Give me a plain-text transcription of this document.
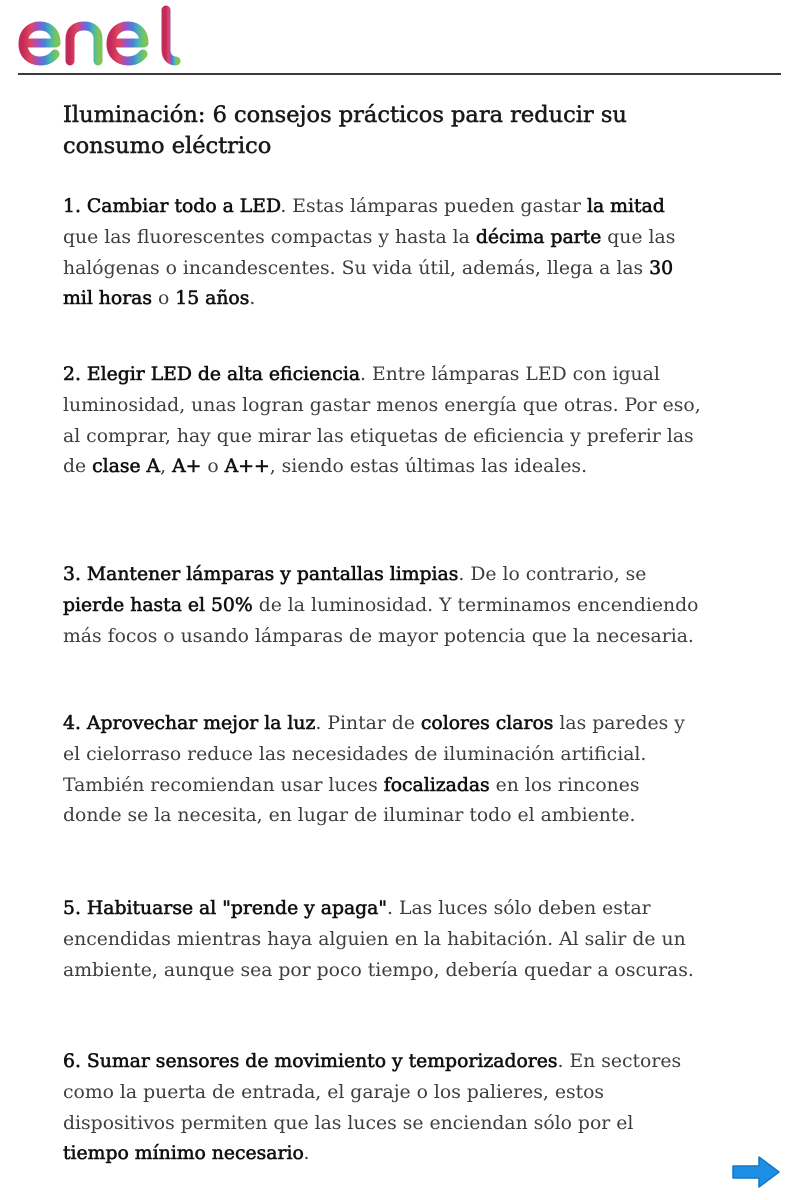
Iluminación: 6 consejos prácticos para reducir su consumo eléctrico

1. Cambiar todo a LED. Estas lámparas pueden gastar la mitad que las fluorescentes compactas y hasta la décima parte que las halógenas o incandescentes. Su vida útil, además, llega a las 30 mil horas o 15 años.

2. Elegir LED de alta eficiencia. Entre lámparas LED con igual luminosidad, unas logran gastar menos energía que otras. Por eso, al comprar, hay que mirar las etiquetas de eficiencia y preferir las de clase A, A+ o A++, siendo estas últimas las ideales.

3. Mantener lámparas y pantallas limpias. De lo contrario, se pierde hasta el 50% de la luminosidad. Y terminamos encendiendo más focos o usando lámparas de mayor potencia que la necesaria.

4. Aprovechar mejor la luz. Pintar de colores claros las paredes y el cielorraso reduce las necesidades de iluminación artificial. También recomiendan usar luces focalizadas en los rincones donde se la necesita, en lugar de iluminar todo el ambiente.

5. Habituarse al "prende y apaga". Las luces sólo deben estar encendidas mientras haya alguien en la habitación. Al salir de un ambiente, aunque sea por poco tiempo, debería quedar a oscuras.

6. Sumar sensores de movimiento y temporizadores. En sectores como la puerta de entrada, el garaje o los palieres, estos dispositivos permiten que las luces se enciendan sólo por el tiempo mínimo necesario.
